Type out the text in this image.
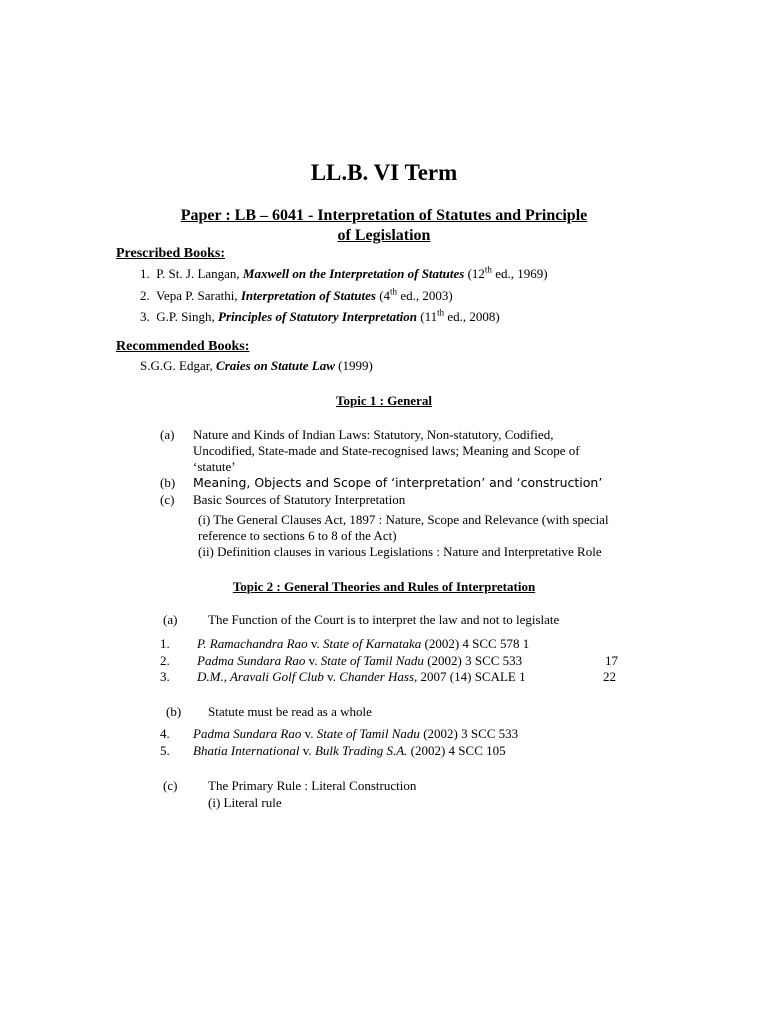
LL.B. VI Term
Paper : LB – 6041 - Interpretation of Statutes and Principle
of Legislation
Prescribed Books:
1. P. St. J. Langan, Maxwell on the Interpretation of Statutes (12th ed., 1969)
2. Vepa P. Sarathi, Interpretation of Statutes (4th ed., 2003)
3. G.P. Singh, Principles of Statutory Interpretation (11th ed., 2008)
Recommended Books:
S.G.G. Edgar, Craies on Statute Law (1999)
Topic 1 : General
(a) Nature and Kinds of Indian Laws: Statutory, Non-statutory, Codified,
Uncodified, State-made and State-recognised laws; Meaning and Scope of
‘statute’
(b) Meaning, Objects and Scope of ‘interpretation’ and ‘construction’
(c) Basic Sources of Statutory Interpretation
(i) The General Clauses Act, 1897 : Nature, Scope and Relevance (with special
reference to sections 6 to 8 of the Act)
(ii) Definition clauses in various Legislations : Nature and Interpretative Role
Topic 2 : General Theories and Rules of Interpretation
(a) The Function of the Court is to interpret the law and not to legislate
1. P. Ramachandra Rao v. State of Karnataka (2002) 4 SCC 578 1
2. Padma Sundara Rao v. State of Tamil Nadu (2002) 3 SCC 533	17
3. D.M., Aravali Golf Club v. Chander Hass, 2007 (14) SCALE 1	22
(b) Statute must be read as a whole
4. Padma Sundara Rao v. State of Tamil Nadu (2002) 3 SCC 533
5. Bhatia International v. Bulk Trading S.A. (2002) 4 SCC 105
(c) The Primary Rule : Literal Construction
(i) Literal rule
